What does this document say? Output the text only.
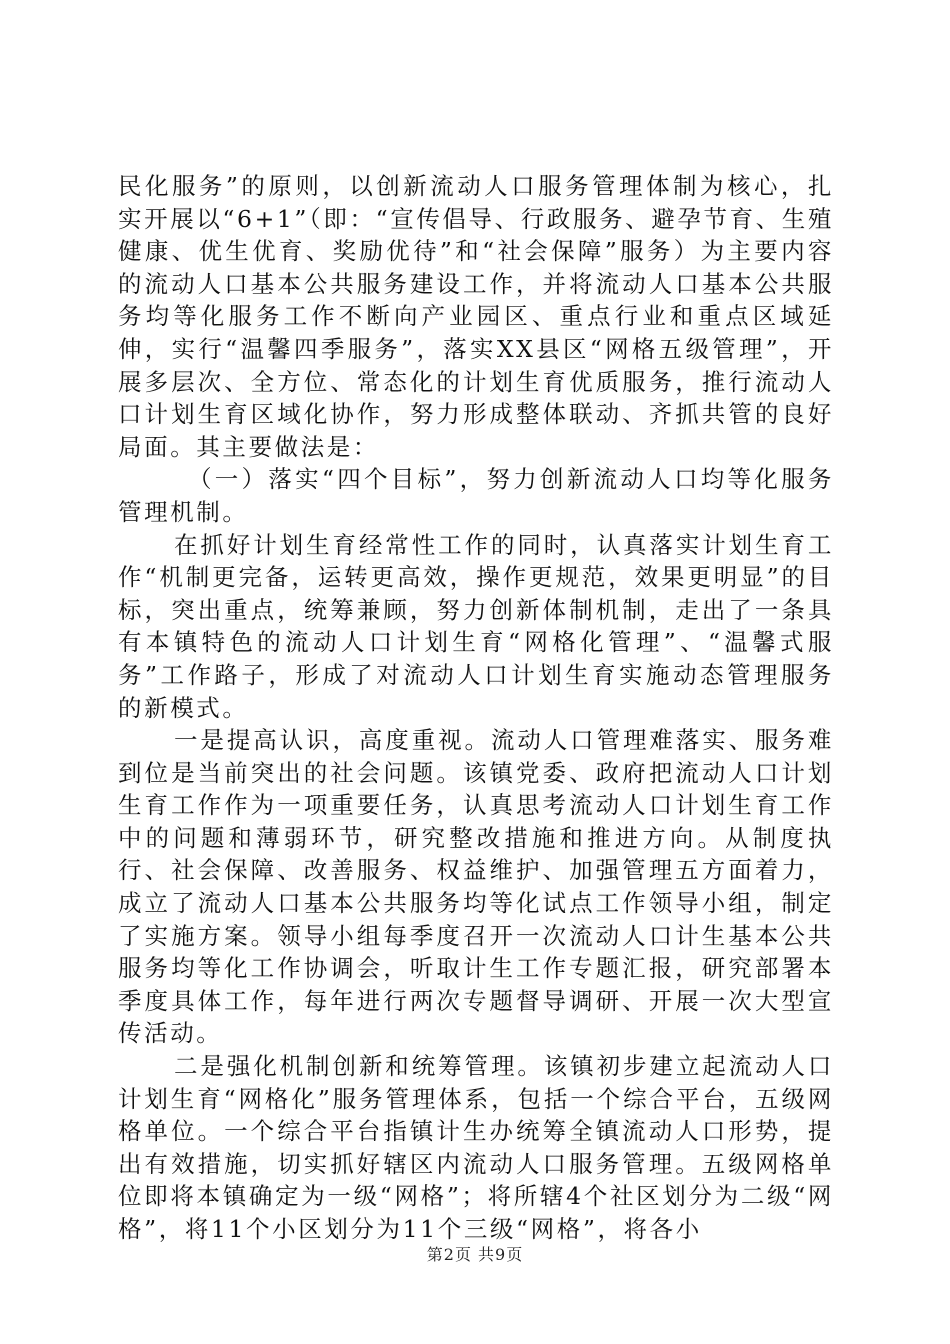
民化服务”的原则，以创新流动人口服务管理体制为核心，扎实开展以“6+1”（即：“宣传倡导、行政服务、避孕节育、生殖健康、优生优育、奖励优待”和“社会保障”服务）为主要内容的流动人口基本公共服务建设工作，并将流动人口基本公共服务均等化服务工作不断向产业园区、重点行业和重点区域延伸，实行“温馨四季服务”，落实XX县区“网格五级管理”，开展多层次、全方位、常态化的计划生育优质服务，推行流动人口计划生育区域化协作，努力形成整体联动、齐抓共管的良好局面。其主要做法是：

（一）落实“四个目标”，努力创新流动人口均等化服务管理机制。

在抓好计划生育经常性工作的同时，认真落实计划生育工作“机制更完备，运转更高效，操作更规范，效果更明显”的目标，突出重点，统筹兼顾，努力创新体制机制，走出了一条具有本镇特色的流动人口计划生育“网格化管理”、“温馨式服务”工作路子，形成了对流动人口计划生育实施动态管理服务的新模式。

一是提高认识，高度重视。流动人口管理难落实、服务难到位是当前突出的社会问题。该镇党委、政府把流动人口计划生育工作作为一项重要任务，认真思考流动人口计划生育工作中的问题和薄弱环节，研究整改措施和推进方向。从制度执行、社会保障、改善服务、权益维护、加强管理五方面着力，成立了流动人口基本公共服务均等化试点工作领导小组，制定了实施方案。领导小组每季度召开一次流动人口计生基本公共服务均等化工作协调会，听取计生工作专题汇报，研究部署本季度具体工作，每年进行两次专题督导调研、开展一次大型宣传活动。

二是强化机制创新和统筹管理。该镇初步建立起流动人口计划生育“网格化”服务管理体系，包括一个综合平台，五级网格单位。一个综合平台指镇计生办统筹全镇流动人口形势，提出有效措施，切实抓好辖区内流动人口服务管理。五级网格单位即将本镇确定为一级“网格”；将所辖4个社区划分为二级“网格”，将11个小区划分为11个三级“网格”，将各小

第2页 共9页
